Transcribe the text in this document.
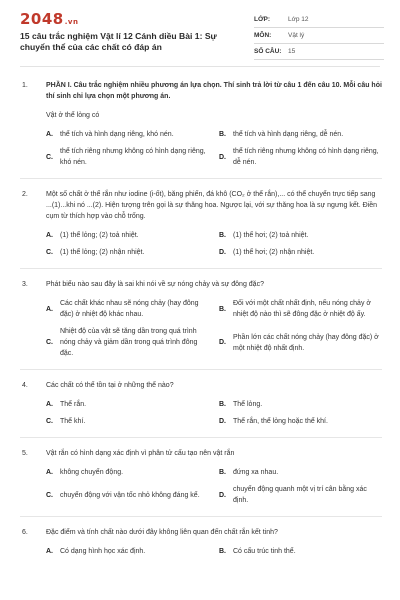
2048.vn
15 câu trắc nghiệm Vật lí 12 Cánh diều Bài 1: Sự chuyển thể của các chất có đáp án
LỚP:	Lớp 12
MÔN:	Vật lý
SỐ CÂU:	15
1.	PHẦN I. Câu trắc nghiệm nhiều phương án lựa chọn. Thí sinh trả lời từ câu 1 đến câu 10. Mỗi câu hỏi thí sinh chỉ lựa chọn một phương án.

Vật ở thể lỏng có

A.	thể tích và hình dạng riêng, khó nén.	B.	thể tích và hình dạng riêng, dễ nén.
C.
thể tích riêng nhưng không có hình dạng riêng, khó nén.
D.
thể tích riêng nhưng không có hình dạng riêng, dễ nén.
2.	Một số chất ở thể rắn như iodine (i-ốt), băng phiến, đá khô (CO₂ ở thể rắn),... có thể chuyển trực tiếp sang ...(1)...khi nó ...(2). Hiện tượng trên gọi là sự thăng hoa. Ngược lại, với sự thăng hoa là sự ngưng kết. Điền cụm từ thích hợp vào chỗ trống.

A.	(1) thể lỏng; (2) toả nhiệt.	B.	(1) thể hơi; (2) toả nhiệt.
C.	(1) thể lỏng; (2) nhận nhiệt.	D.	(1) thể hơi; (2) nhận nhiệt.
3.	Phát biểu nào sau đây là sai khi nói về sự nóng chảy và sự đông đặc?

A.
Các chất khác nhau sẽ nóng chảy (hay đông đặc) ở nhiệt độ khác nhau.
B.
Đối với một chất nhất định, nếu nóng chảy ở nhiệt độ nào thì sẽ đông đặc ở nhiệt độ ấy.
C.
Nhiệt độ của vật sẽ tăng dần trong quá trình nóng chảy và giảm dần trong quá trình đông đặc.
D.
Phần lớn các chất nóng chảy (hay đông đặc) ở một nhiệt độ nhất định.
4.	Các chất có thể tồn tại ở những thể nào?

A.	Thể rắn.	B.	Thể lỏng.
C.	Thể khí.	D.	Thể rắn, thể lỏng hoặc thể khí.
5.	Vật rắn có hình dạng xác định vì phân tử cấu tạo nên vật rắn

A.	không chuyển động.	B.	đứng xa nhau.
C.	chuyển động với vận tốc nhỏ không đáng kể.	D.
chuyển động quanh một vị trí cân bằng xác định.
6.	Đặc điểm và tính chất nào dưới đây không liên quan đến chất rắn kết tinh?

A.	Có dạng hình học xác định.	B.	Có cấu trúc tinh thể.
